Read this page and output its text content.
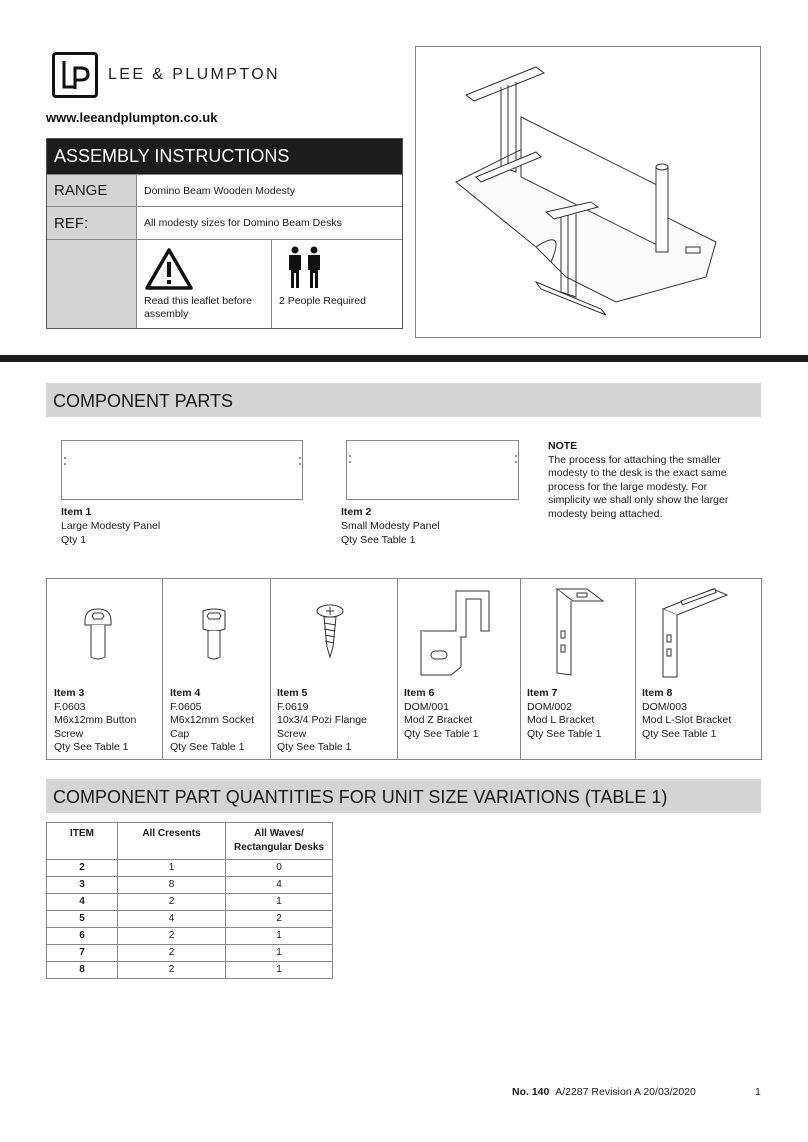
LEE & PLUMPTON
www.leeandplumpton.co.uk
ASSEMBLY INSTRUCTIONS
RANGE	Domino Beam Wooden Modesty
REF:	All modesty sizes for Domino Beam Desks
Read this leaflet before assembly
2 People Required
COMPONENT PARTS
Item 1
Large Modesty Panel
Qty 1
Item 2
Small Modesty Panel
Qty See Table 1
NOTE
The process for attaching the smaller modesty to the desk is the exact same process for the large modesty. For simplicity we shall only show the larger modesty being attached.
Item 3
F.0603
M6x12mm Button Screw
Qty See Table 1
Item 4
F.0605
M6x12mm Socket Cap
Qty See Table 1
Item 5
F.0619
10x3/4 Pozi Flange Screw
Qty See Table 1
Item 6
DOM/001
Mod Z Bracket
Qty See Table 1
Item 7
DOM/002
Mod L Bracket
Qty See Table 1
Item 8
DOM/003
Mod L-Slot Bracket
Qty See Table 1
COMPONENT PART QUANTITIES FOR UNIT SIZE VARIATIONS (TABLE 1)
ITEM	All Cresents	All Waves/ Rectangular Desks
2	1	0
3	8	4
4	2	1
5	4	2
6	2	1
7	2	1
8	2	1
No. 140 A/2287 Revision A 20/03/2020	1
